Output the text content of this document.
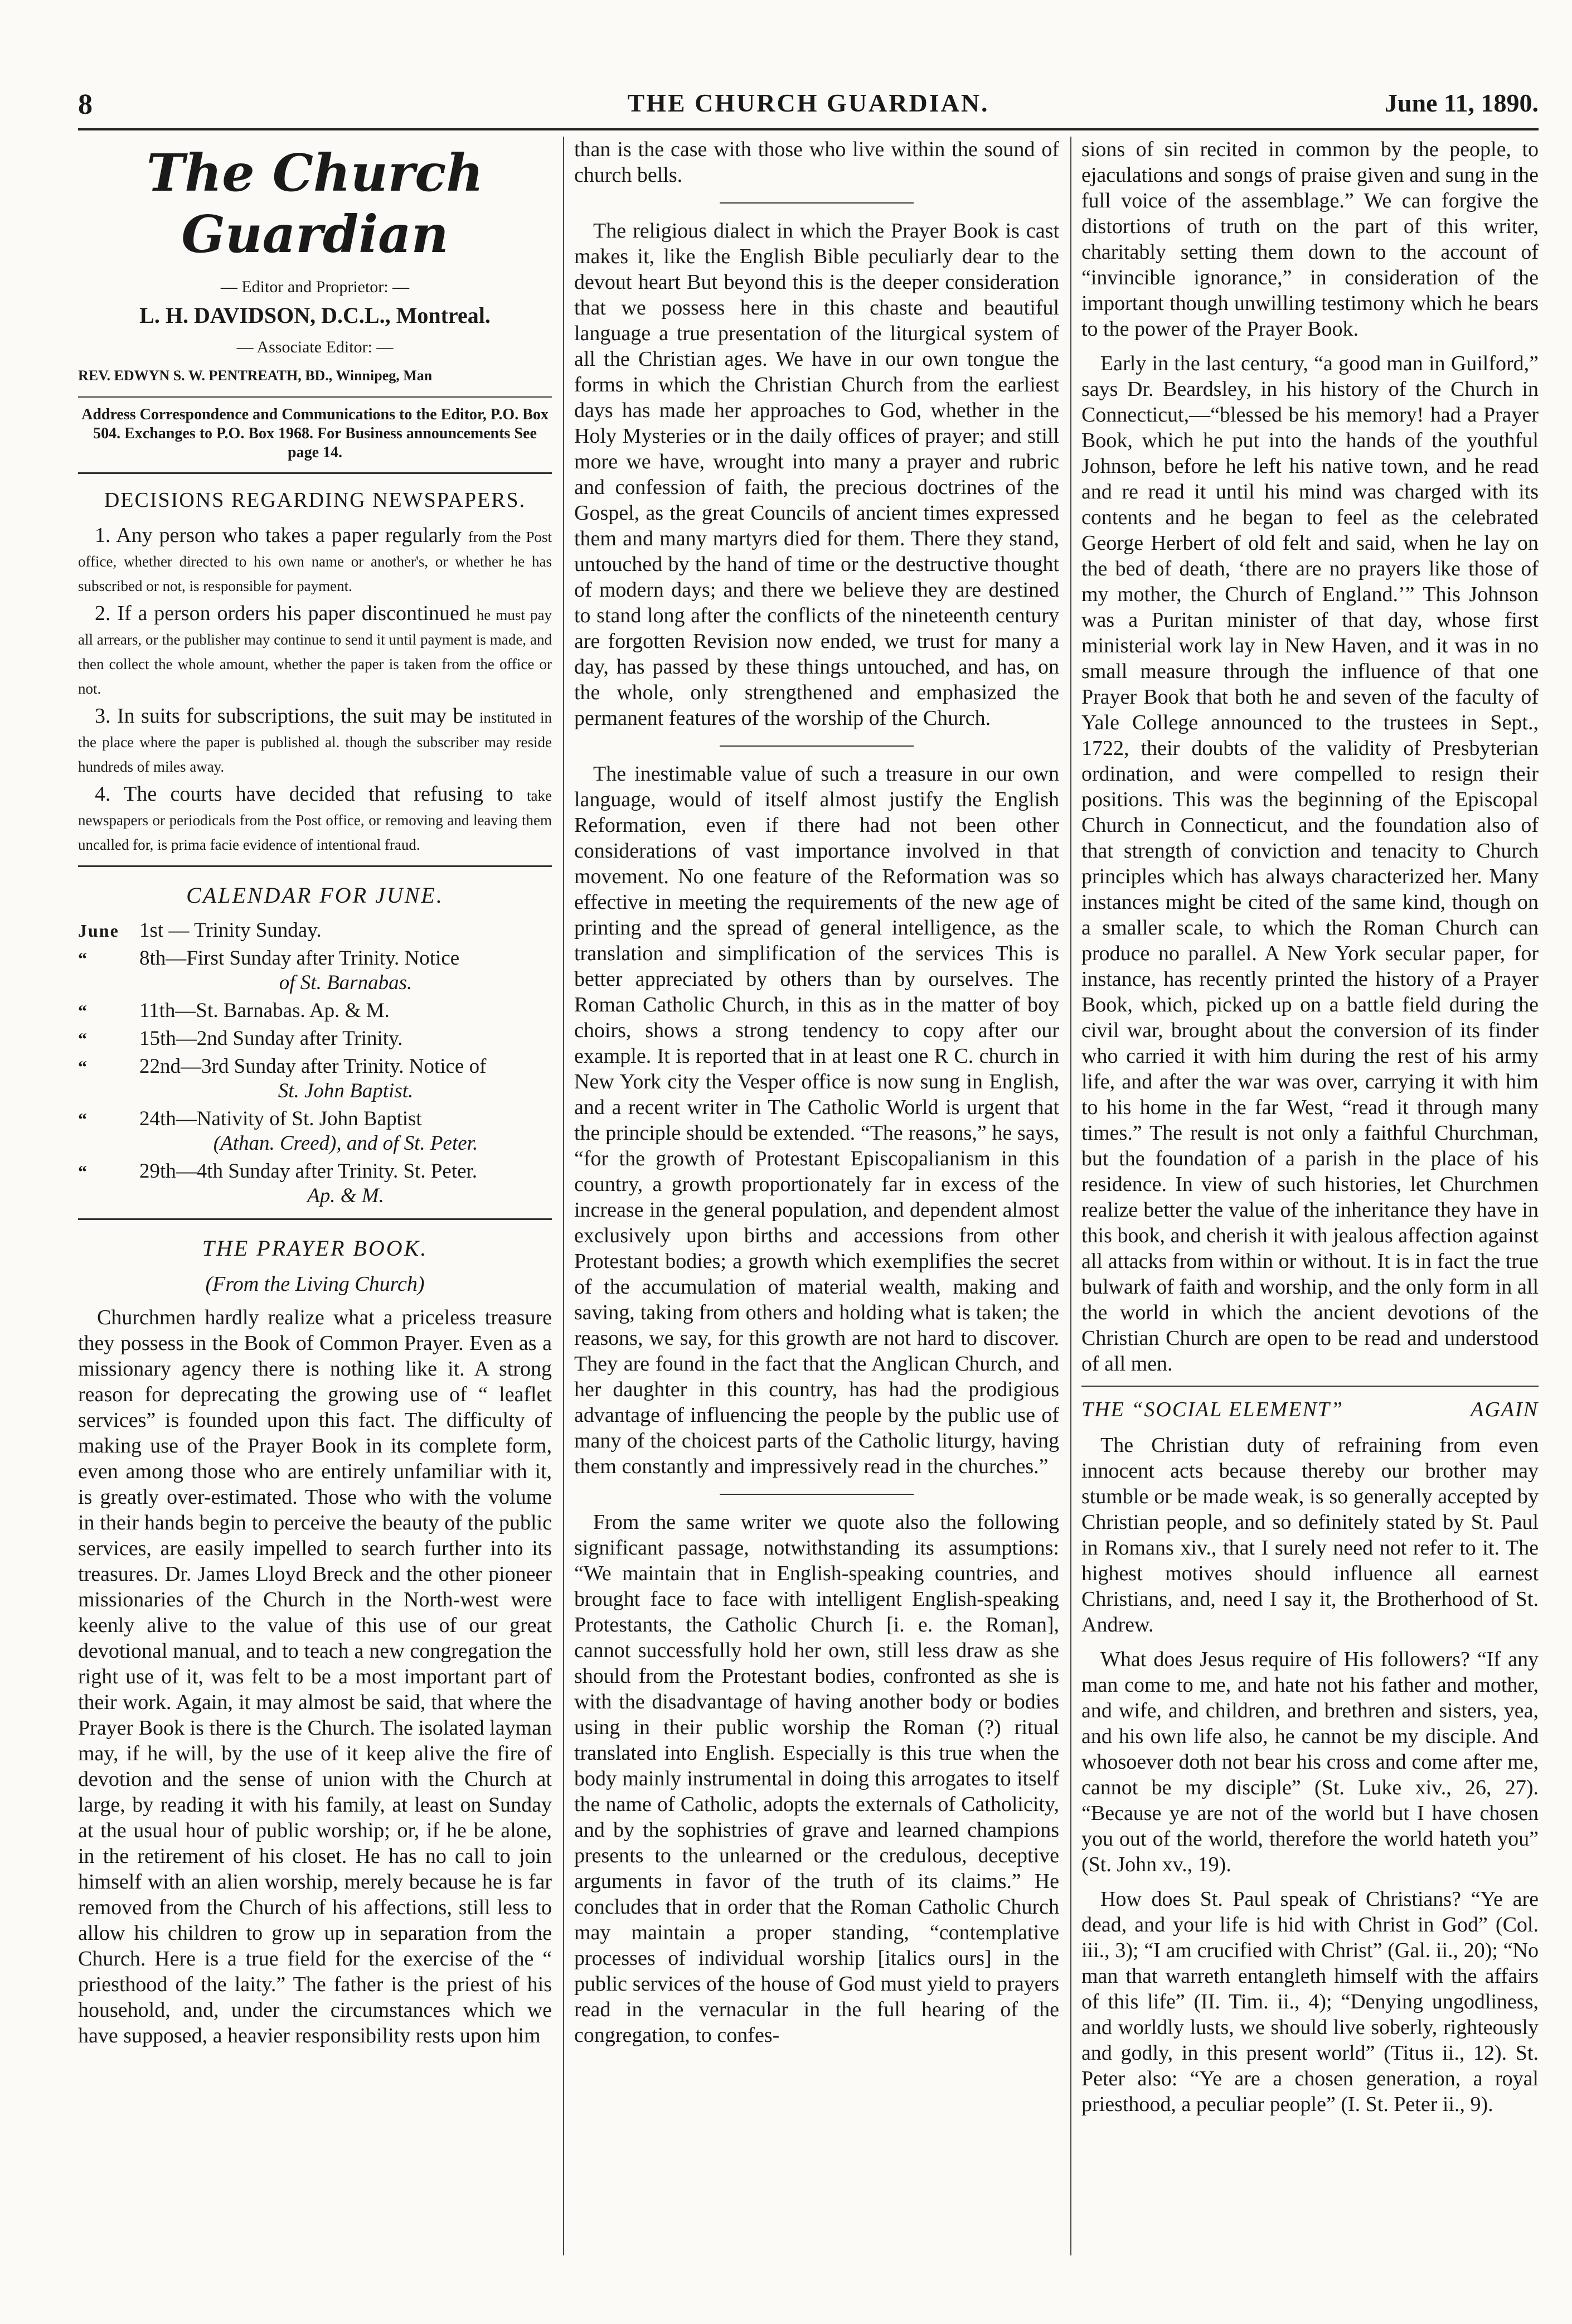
8	THE CHURCH GUARDIAN.	June 11, 1890.
The Church Guardian
— Editor and Proprietor: —
L. H. DAVIDSON, D.C.L., Montreal.
— Associate Editor: —
REV. EDWYN S. W. PENTREATH, BD., Winnipeg, Man
Address Correspondence and Communications to the Editor, P.O. Box 504. Exchanges to P.O. Box 1968. For Business announcements See page 14.
DECISIONS REGARDING NEWSPAPERS.
1. Any person who takes a paper regularly from the Post office, whether directed to his own name or another's, or whether he has subscribed or not, is responsible for payment.
2. If a person orders his paper discontinued he must pay all arrears, or the publisher may continue to send it until payment is made, and then collect the whole amount, whether the paper is taken from the office or not.
3. In suits for subscriptions, the suit may be instituted in the place where the paper is published al. though the subscriber may reside hundreds of miles away.
4. The courts have decided that refusing to take newspapers or periodicals from the Post office, or removing and leaving them uncalled for, is prima facie evidence of intentional fraud.
CALENDAR FOR JUNE.
June 1st — Trinity Sunday.
“	8th—First Sunday after Trinity. Notice
of St. Barnabas.
“	11th—St. Barnabas. Ap. & M.
“	15th—2nd Sunday after Trinity.
“	22nd—3rd Sunday after Trinity. Notice of
St. John Baptist.
“	24th—Nativity of St. John Baptist
(Athan. Creed), and of St. Peter.
“	29th—4th Sunday after Trinity. St. Peter.
Ap. & M.
THE PRAYER BOOK.
(From the Living Church)

Churchmen hardly realize what a priceless treasure they possess in the Book of Common Prayer. Even as a missionary agency there is nothing like it. A strong reason for deprecating the growing use of “ leaflet services” is founded upon this fact. The difficulty of making use of the Prayer Book in its complete form, even among those who are entirely unfamiliar with it, is greatly over-estimated. Those who with the volume in their hands begin to perceive the beauty of the public services, are easily impelled to search further into its treasures. Dr. James Lloyd Breck and the other pioneer missionaries of the Church in the North-west were keenly alive to the value of this use of our great devotional manual, and to teach a new congregation the right use of it, was felt to be a most important part of their work. Again, it may almost be said, that where the Prayer Book is there is the Church. The isolated layman may, if he will, by the use of it keep alive the fire of devotion and the sense of union with the Church at large, by reading it with his family, at least on Sunday at the usual hour of public worship; or, if he be alone, in the retirement of his closet. He has no call to join himself with an alien worship, merely because he is far removed from the Church of his affections, still less to allow his children to grow up in separation from the Church. Here is a true field for the exercise of the “ priesthood of the laity.” The father is the priest of his household, and, under the circumstances which we have supposed, a heavier responsibility rests upon him

than is the case with those who live within the sound of church bells.

The religious dialect in which the Prayer Book is cast makes it, like the English Bible peculiarly dear to the devout heart But beyond this is the deeper consideration that we possess here in this chaste and beautiful language a true presentation of the liturgical system of all the Christian ages. We have in our own tongue the forms in which the Christian Church from the earliest days has made her approaches to God, whether in the Holy Mysteries or in the daily offices of prayer; and still more we have, wrought into many a prayer and rubric and confession of faith, the precious doctrines of the Gospel, as the great Councils of ancient times expressed them and many martyrs died for them. There they stand, untouched by the hand of time or the destructive thought of modern days; and there we believe they are destined to stand long after the conflicts of the nineteenth century are forgotten Revision now ended, we trust for many a day, has passed by these things untouched, and has, on the whole, only strengthened and emphasized the permanent features of the worship of the Church.

The inestimable value of such a treasure in our own language, would of itself almost justify the English Reformation, even if there had not been other considerations of vast importance involved in that movement. No one feature of the Reformation was so effective in meeting the requirements of the new age of printing and the spread of general intelligence, as the translation and simplification of the services This is better appreciated by others than by ourselves. The Roman Catholic Church, in this as in the matter of boy choirs, shows a strong tendency to copy after our example. It is reported that in at least one R C. church in New York city the Vesper office is now sung in English, and a recent writer in The Catholic World is urgent that the principle should be extended. “The reasons,” he says, “for the growth of Protestant Episcopalianism in this country, a growth proportionately far in excess of the increase in the general population, and dependent almost exclusively upon births and accessions from other Protestant bodies; a growth which exemplifies the secret of the accumulation of material wealth, making and saving, taking from others and holding what is taken; the reasons, we say, for this growth are not hard to discover. They are found in the fact that the Anglican Church, and her daughter in this country, has had the prodigious advantage of influencing the people by the public use of many of the choicest parts of the Catholic liturgy, having them constantly and impressively read in the churches.”

From the same writer we quote also the following significant passage, notwithstanding its assumptions: “We maintain that in English-speaking countries, and brought face to face with intelligent English-speaking Protestants, the Catholic Church [i. e. the Roman], cannot successfully hold her own, still less draw as she should from the Protestant bodies, confronted as she is with the disadvantage of having another body or bodies using in their public worship the Roman (?) ritual translated into English. Especially is this true when the body mainly instrumental in doing this arrogates to itself the name of Catholic, adopts the externals of Catholicity, and by the sophistries of grave and learned champions presents to the unlearned or the credulous, deceptive arguments in favor of the truth of its claims.” He concludes that in order that the Roman Catholic Church may maintain a proper standing, “contemplative processes of individual worship [italics ours] in the public services of the house of God must yield to prayers read in the vernacular in the full hearing of the congregation, to confes-

sions of sin recited in common by the people, to ejaculations and songs of praise given and sung in the full voice of the assemblage.” We can forgive the distortions of truth on the part of this writer, charitably setting them down to the account of “invincible ignorance,” in consideration of the important though unwilling testimony which he bears to the power of the Prayer Book.

Early in the last century, “a good man in Guilford,” says Dr. Beardsley, in his history of the Church in Connecticut,—“blessed be his memory! had a Prayer Book, which he put into the hands of the youthful Johnson, before he left his native town, and he read and re read it until his mind was charged with its contents and he began to feel as the celebrated George Herbert of old felt and said, when he lay on the bed of death, ‘there are no prayers like those of my mother, the Church of England.’” This Johnson was a Puritan minister of that day, whose first ministerial work lay in New Haven, and it was in no small measure through the influence of that one Prayer Book that both he and seven of the faculty of Yale College announced to the trustees in Sept., 1722, their doubts of the validity of Presbyterian ordination, and were compelled to resign their positions. This was the beginning of the Episcopal Church in Connecticut, and the foundation also of that strength of conviction and tenacity to Church principles which has always characterized her. Many instances might be cited of the same kind, though on a smaller scale, to which the Roman Church can produce no parallel. A New York secular paper, for instance, has recently printed the history of a Prayer Book, which, picked up on a battle field during the civil war, brought about the conversion of its finder who carried it with him during the rest of his army life, and after the war was over, carrying it with him to his home in the far West, “read it through many times.” The result is not only a faithful Churchman, but the foundation of a parish in the place of his residence. In view of such histories, let Churchmen realize better the value of the inheritance they have in this book, and cherish it with jealous affection against all attacks from within or without. It is in fact the true bulwark of faith and worship, and the only form in all the world in which the ancient devotions of the Christian Church are open to be read and understood of all men.

THE “SOCIAL ELEMENT”	AGAIN

The Christian duty of refraining from even innocent acts because thereby our brother may stumble or be made weak, is so generally accepted by Christian people, and so definitely stated by St. Paul in Romans xiv., that I surely need not refer to it. The highest motives should influence all earnest Christians, and, need I say it, the Brotherhood of St. Andrew.

What does Jesus require of His followers? “If any man come to me, and hate not his father and mother, and wife, and children, and brethren and sisters, yea, and his own life also, he cannot be my disciple. And whosoever doth not bear his cross and come after me, cannot be my disciple” (St. Luke xiv., 26, 27). “Because ye are not of the world but I have chosen you out of the world, therefore the world hateth you” (St. John xv., 19).

How does St. Paul speak of Christians? “Ye are dead, and your life is hid with Christ in God” (Col. iii., 3); “I am crucified with Christ” (Gal. ii., 20); “No man that warreth entangleth himself with the affairs of this life” (II. Tim. ii., 4); “Denying ungodliness, and worldly lusts, we should live soberly, righteously and godly, in this present world” (Titus ii., 12). St. Peter also: “Ye are a chosen generation, a royal priesthood, a peculiar people” (I. St. Peter ii., 9).
